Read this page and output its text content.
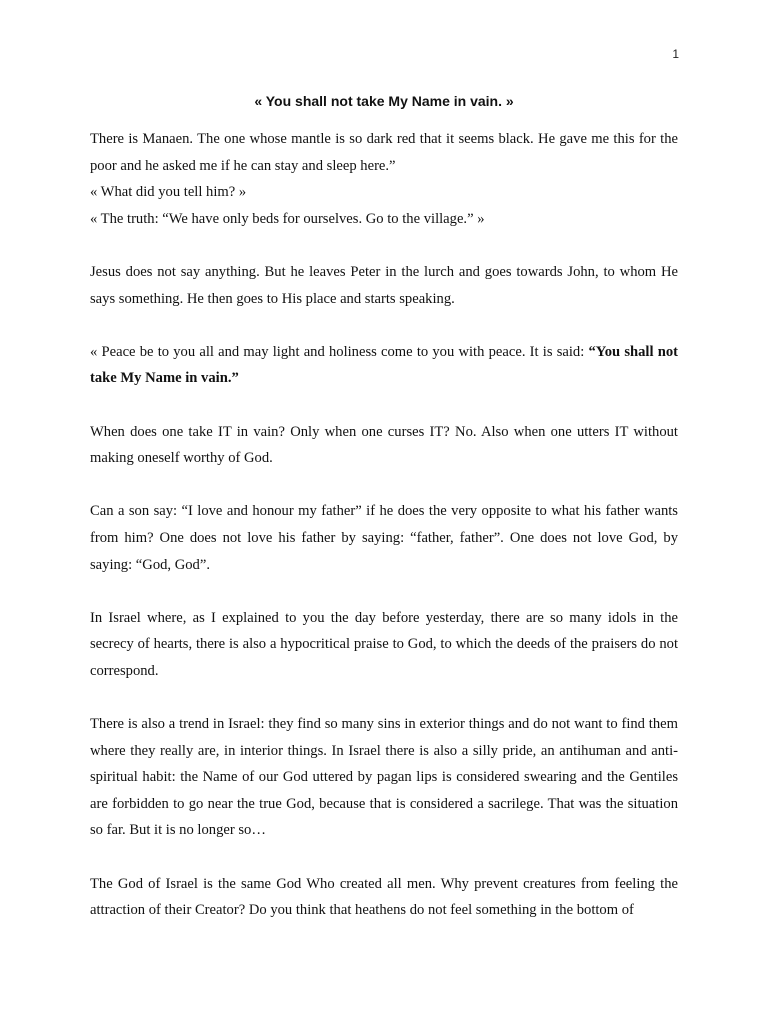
1
« You shall not take My Name in vain. »

There is Manaen. The one whose mantle is so dark red that it seems black. He gave me this for the poor and he asked me if he can stay and sleep here.”

« What did you tell him? »

« The truth: “We have only beds for ourselves. Go to the village.” »

Jesus does not say anything. But he leaves Peter in the lurch and goes towards John, to whom He says something. He then goes to His place and starts speaking.

« Peace be to you all and may light and holiness come to you with peace. It is said: “You shall not take My Name in vain.”

When does one take IT in vain? Only when one curses IT? No. Also when one utters IT without making oneself worthy of God.

Can a son say: “I love and honour my father” if he does the very opposite to what his father wants from him? One does not love his father by saying: “father, father”. One does not love God, by saying: “God, God”.

In Israel where, as I explained to you the day before yesterday, there are so many idols in the secrecy of hearts, there is also a hypocritical praise to God, to which the deeds of the praisers do not correspond.

There is also a trend in Israel: they find so many sins in exterior things and do not want to find them where they really are, in interior things. In Israel there is also a silly pride, an antihuman and anti-spiritual habit: the Name of our God uttered by pagan lips is considered swearing and the Gentiles are forbidden to go near the true God, because that is considered a sacrilege. That was the situation so far. But it is no longer so…

The God of Israel is the same God Who created all men. Why prevent creatures from feeling the attraction of their Creator? Do you think that heathens do not feel something in the bottom of
